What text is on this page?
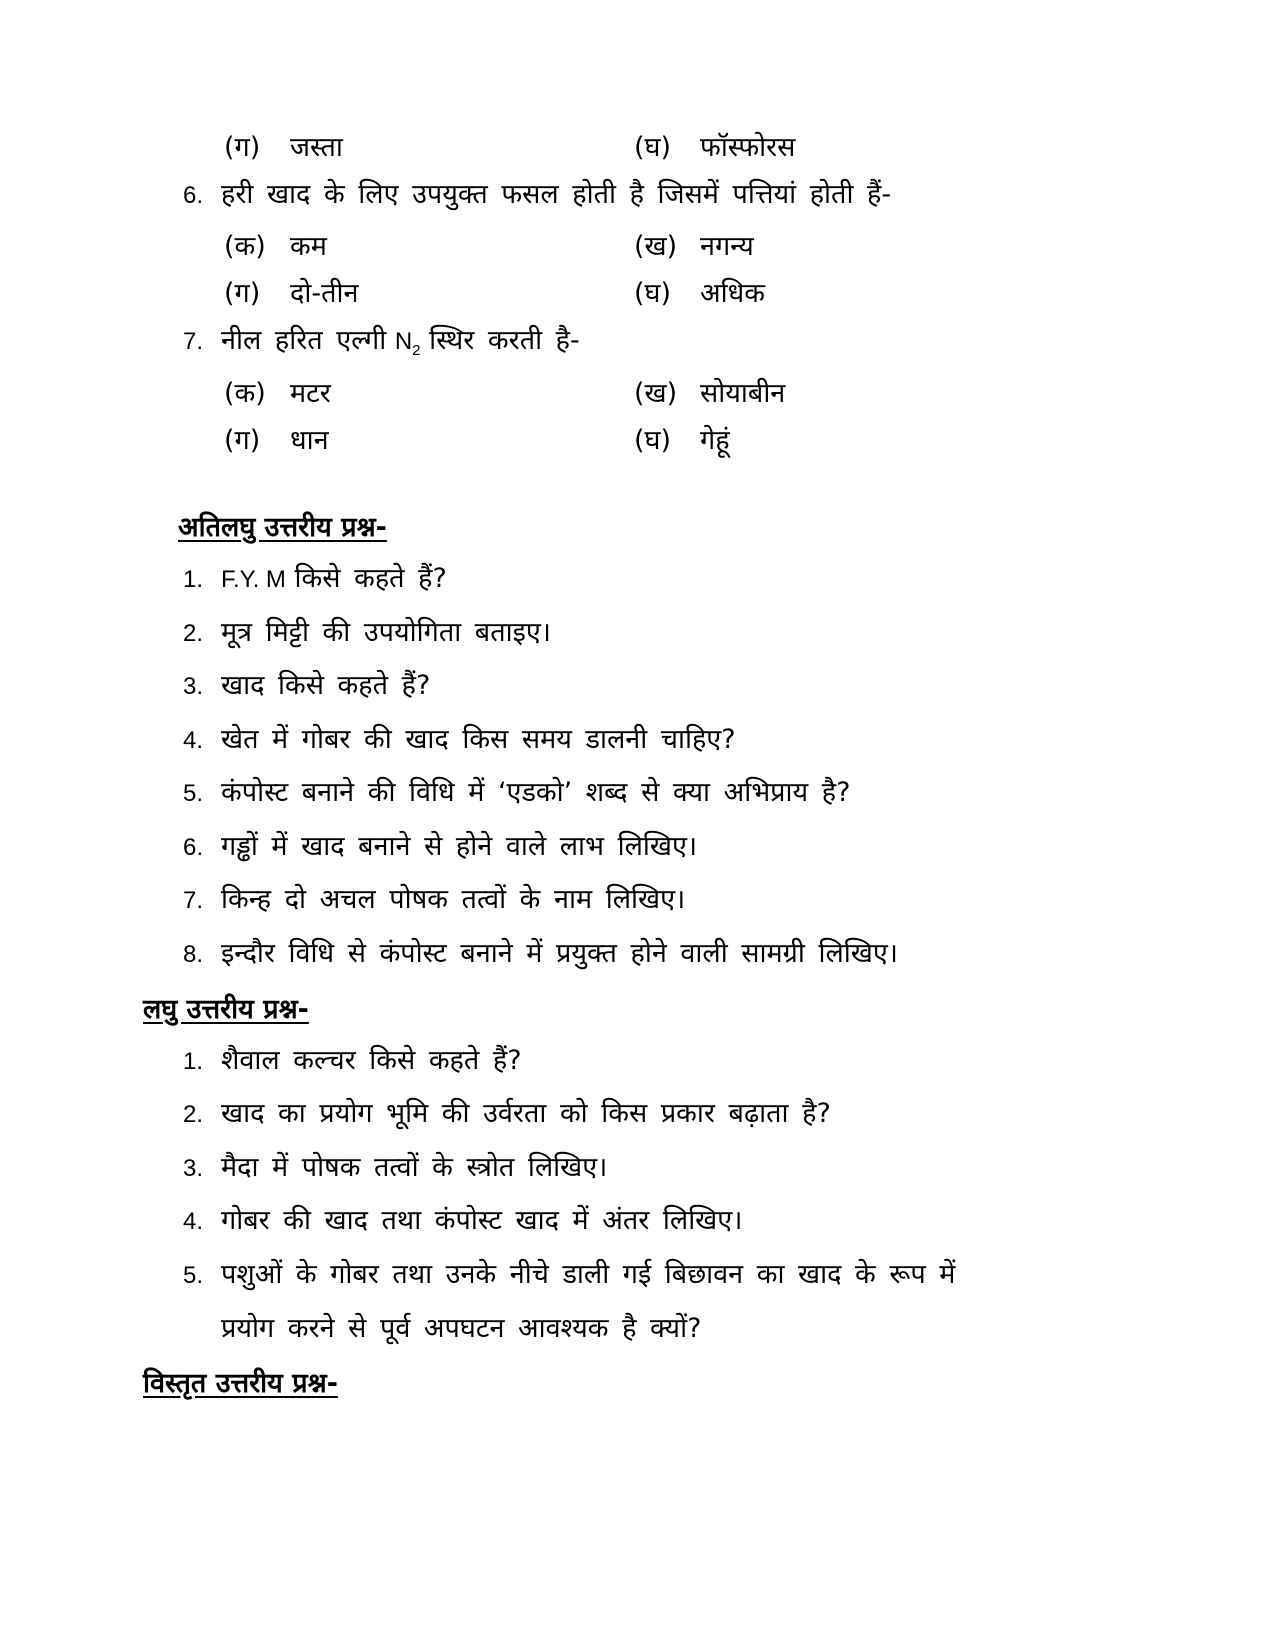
(ग) जस्ता	(घ) फॉस्फोरस
6. हरी खाद के लिए उपयुक्त फसल होती है जिसमें पत्तियां होती हैं-
(क) कम	(ख) नगन्य
(ग) दो-तीन	(घ) अधिक
7. नील हरित एल्गी $N_2$ स्थिर करती है-
(क) मटर	(ख) सोयाबीन
(ग) धान	(घ) गेहूं
अतिलघु उत्तरीय प्रश्न-
1. F.Y. M किसे कहते हैं?
2. मूत्र मिट्टी की उपयोगिता बताइए।
3. खाद किसे कहते हैं?
4. खेत में गोबर की खाद किस समय डालनी चाहिए?
5. कंपोस्ट बनाने की विधि में ‘एडको’ शब्द से क्या अभिप्राय है?
6. गड्ढों में खाद बनाने से होने वाले लाभ लिखिए।
7. किन्ह दो अचल पोषक तत्वों के नाम लिखिए।
8. इन्दौर विधि से कंपोस्ट बनाने में प्रयुक्त होने वाली सामग्री लिखिए।
लघु उत्तरीय प्रश्न-
1. शैवाल कल्चर किसे कहते हैं?
2. खाद का प्रयोग भूमि की उर्वरता को किस प्रकार बढ़ाता है?
3. मैदा में पोषक तत्वों के स्त्रोत लिखिए।
4. गोबर की खाद तथा कंपोस्ट खाद में अंतर लिखिए।
5. पशुओं के गोबर तथा उनके नीचे डाली गई बिछावन का खाद के रूप में
प्रयोग करने से पूर्व अपघटन आवश्यक है क्यों?
विस्तृत उत्तरीय प्रश्न-
